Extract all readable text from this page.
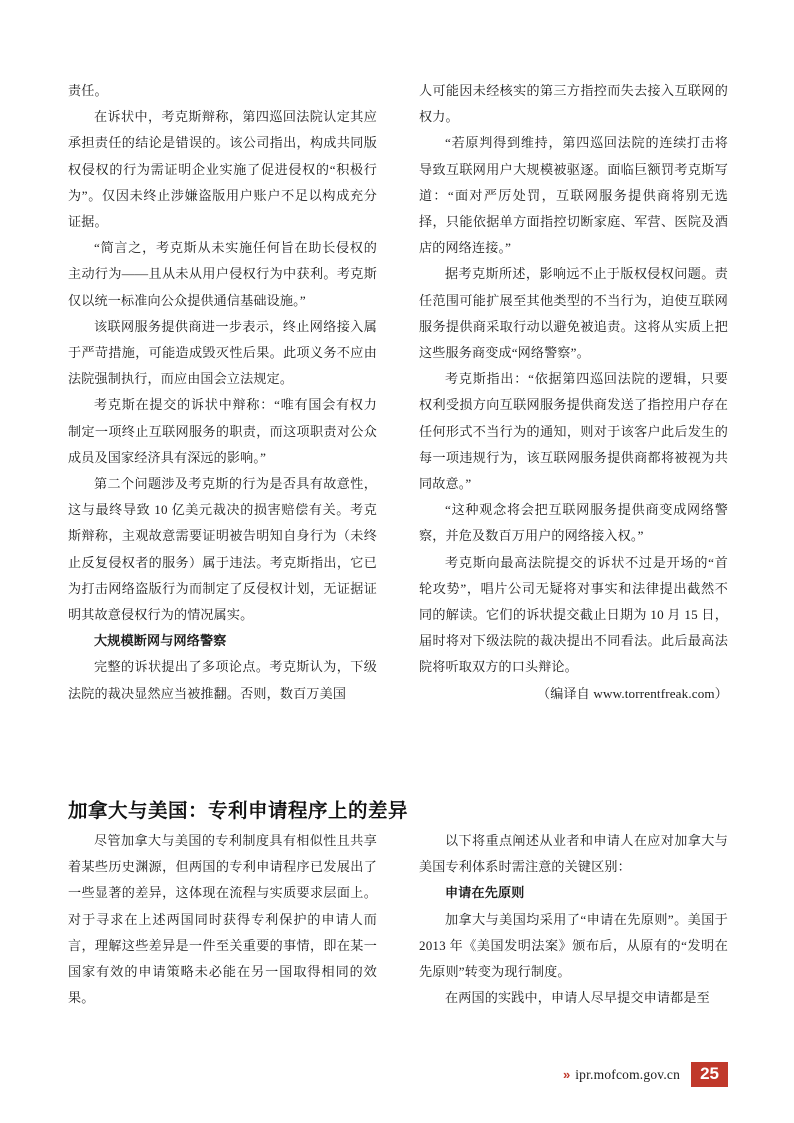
责任。

在诉状中，考克斯辩称，第四巡回法院认定其应承担责任的结论是错误的。该公司指出，构成共同版权侵权的行为需证明企业实施了促进侵权的“积极行为”。仅因未终止涉嫌盗版用户账户不足以构成充分证据。

“简言之，考克斯从未实施任何旨在助长侵权的主动行为——且从未从用户侵权行为中获利。考克斯仅以统一标准向公众提供通信基础设施。”

该联网服务提供商进一步表示，终止网络接入属于严苛措施，可能造成毁灭性后果。此项义务不应由法院强制执行，而应由国会立法规定。

考克斯在提交的诉状中辩称：“唯有国会有权力制定一项终止互联网服务的职责，而这项职责对公众成员及国家经济具有深远的影响。”

第二个问题涉及考克斯的行为是否具有故意性，这与最终导致 10 亿美元裁决的损害赔偿有关。考克斯辩称，主观故意需要证明被告明知自身行为（未终止反复侵权者的服务）属于违法。考克斯指出，它已为打击网络盗版行为而制定了反侵权计划，无证据证明其故意侵权行为的情况属实。

大规模断网与网络警察

完整的诉状提出了多项论点。考克斯认为，下级法院的裁决显然应当被推翻。否则，数百万美国

人可能因未经核实的第三方指控而失去接入互联网的权力。

“若原判得到维持，第四巡回法院的连续打击将导致互联网用户大规模被驱逐。面临巨额罚考克斯写道：“面对严厉处罚，互联网服务提供商将别无选择，只能依据单方面指控切断家庭、军营、医院及酒店的网络连接。”

据考克斯所述，影响远不止于版权侵权问题。责任范围可能扩展至其他类型的不当行为，迫使互联网服务提供商采取行动以避免被追责。这将从实质上把这些服务商变成“网络警察”。

考克斯指出：“依据第四巡回法院的逻辑，只要权利受损方向互联网服务提供商发送了指控用户存在任何形式不当行为的通知，则对于该客户此后发生的每一项违规行为，该互联网服务提供商都将被视为共同故意。”

“这种观念将会把互联网服务提供商变成网络警察，并危及数百万用户的网络接入权。”

考克斯向最高法院提交的诉状不过是开场的“首轮攻势”，唱片公司无疑将对事实和法律提出截然不同的解读。它们的诉状提交截止日期为 10 月 15 日，届时将对下级法院的裁决提出不同看法。此后最高法院将听取双方的口头辩论。

（编译自 www.torrentfreak.com）

加拿大与美国：专利申请程序上的差异

尽管加拿大与美国的专利制度具有相似性且共享着某些历史渊源，但两国的专利申请程序已发展出了一些显著的差异，这体现在流程与实质要求层面上。对于寻求在上述两国同时获得专利保护的申请人而言，理解这些差异是一件至关重要的事情，即在某一国家有效的申请策略未必能在另一国取得相同的效果。

以下将重点阐述从业者和申请人在应对加拿大与美国专利体系时需注意的关键区别：

申请在先原则

加拿大与美国均采用了“申请在先原则”。美国于 2013 年《美国发明法案》颁布后，从原有的“发明在先原则”转变为现行制度。

在两国的实践中，申请人尽早提交申请都是至

» ipr.mofcom.gov.cn	25
